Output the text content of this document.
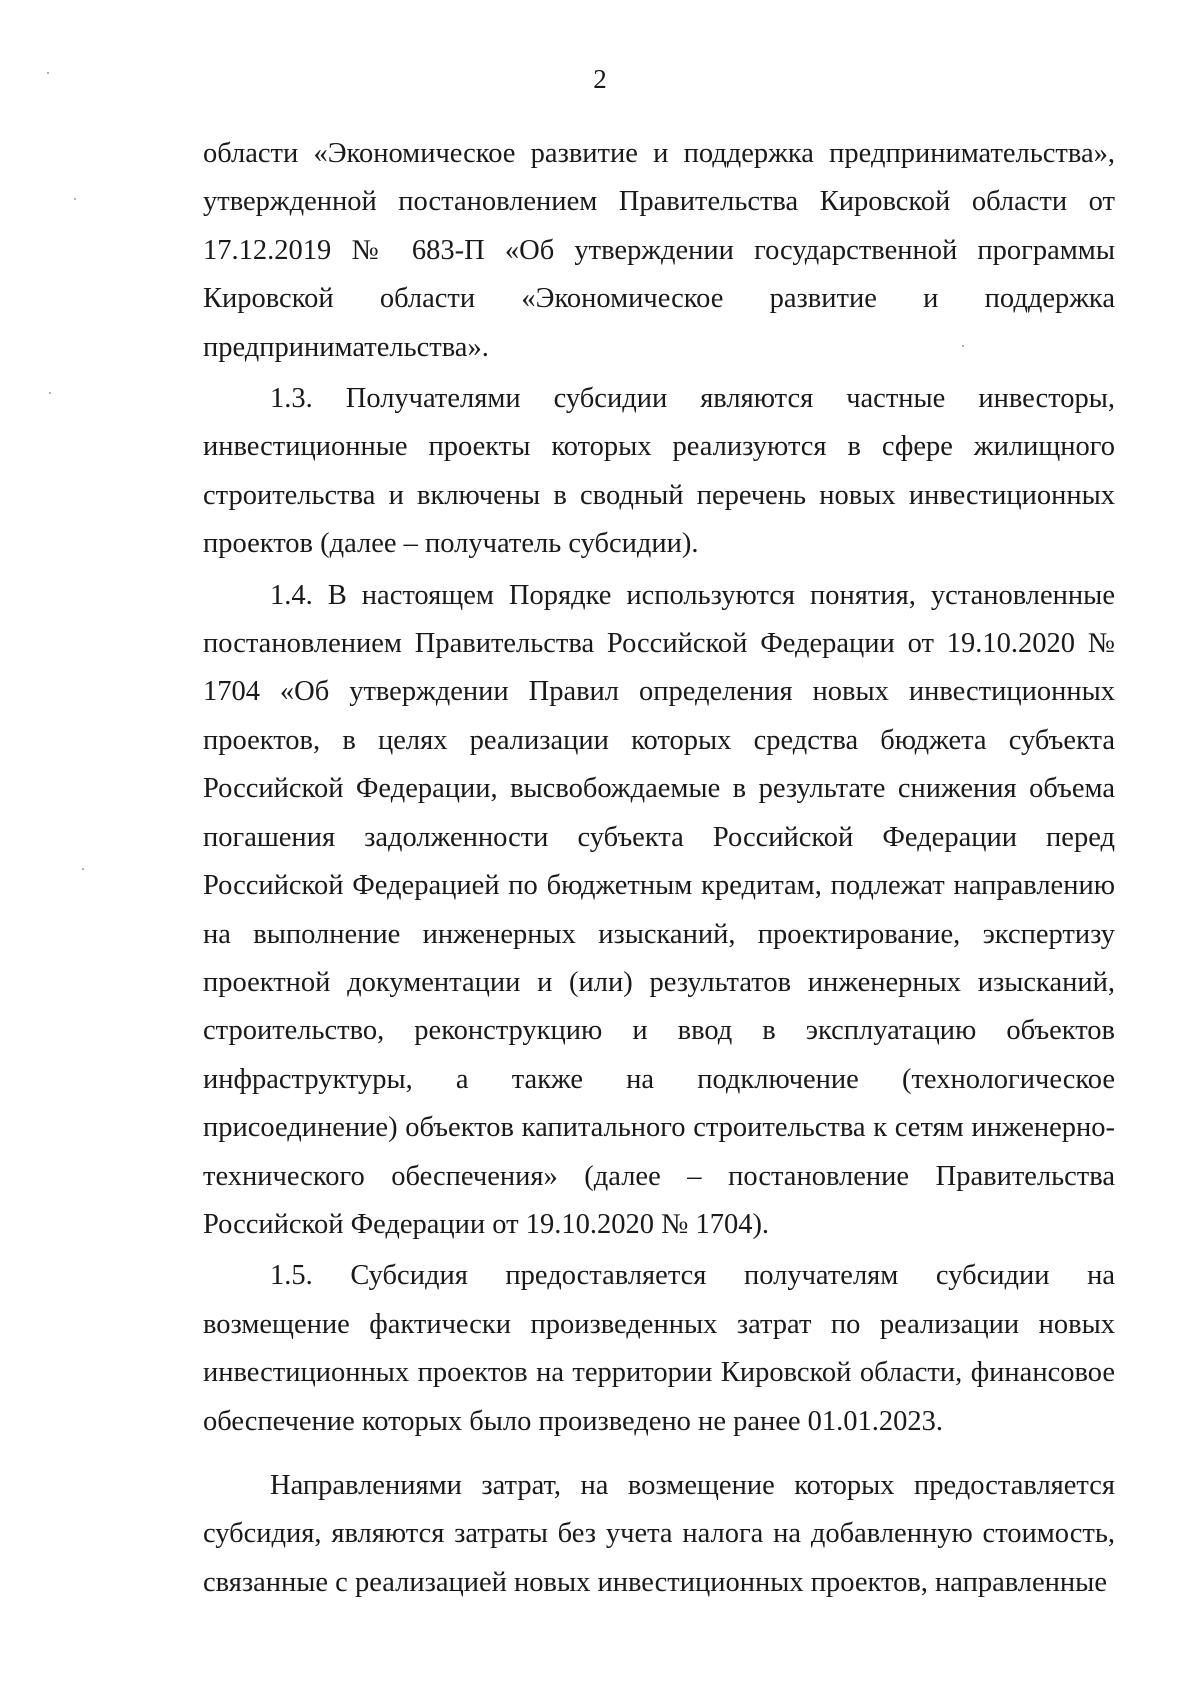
2

области «Экономическое развитие и поддержка предпринимательства», утвержденной постановлением Правительства Кировской области от 17.12.2019 № 683-П «Об утверждении государственной программы Кировской области «Экономическое развитие и поддержка предпринимательства».

1.3. Получателями субсидии являются частные инвесторы, инвестиционные проекты которых реализуются в сфере жилищного строительства и включены в сводный перечень новых инвестиционных проектов (далее – получатель субсидии).

1.4. В настоящем Порядке используются понятия, установленные постановлением Правительства Российской Федерации от 19.10.2020 № 1704 «Об утверждении Правил определения новых инвестиционных проектов, в целях реализации которых средства бюджета субъекта Российской Федерации, высвобождаемые в результате снижения объема погашения задолженности субъекта Российской Федерации перед Российской Федерацией по бюджетным кредитам, подлежат направлению на выполнение инженерных изысканий, проектирование, экспертизу проектной документации и (или) результатов инженерных изысканий, строительство, реконструкцию и ввод в эксплуатацию объектов инфраструктуры, а также на подключение (технологическое присоединение) объектов капитального строительства к сетям инженерно-технического обеспечения» (далее – постановление Правительства Российской Федерации от 19.10.2020 № 1704).

1.5. Субсидия предоставляется получателям субсидии на возмещение фактически произведенных затрат по реализации новых инвестиционных проектов на территории Кировской области, финансовое обеспечение которых было произведено не ранее 01.01.2023.

Направлениями затрат, на возмещение которых предоставляется субсидия, являются затраты без учета налога на добавленную стоимость, связанные с реализацией новых инвестиционных проектов, направленные
